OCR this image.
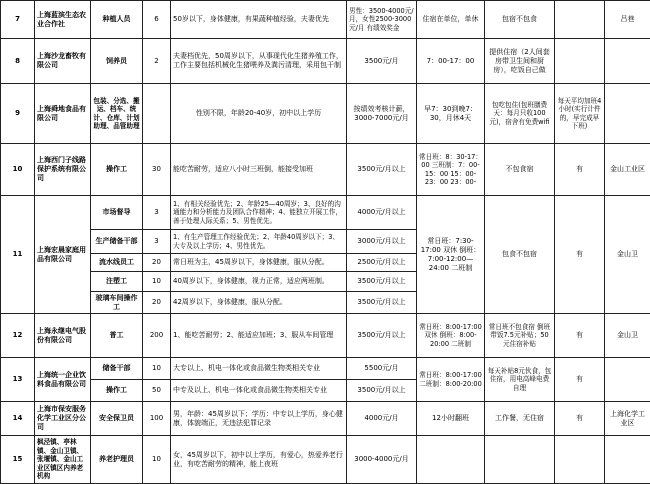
7	上海蓝滨生态农业合作社	种植人员	6	50岁以下，身体健康，有果蔬种植经验，夫妻优先	男性：3500-4000元/月，女性2500-3000元/月 有绩效奖金	住宿在单位，单休	包宿不包食		吕巷
8	上海沙龙畜牧有限公司	饲养员	2	夫妻档优先，50周岁以下，从事现代化生猪养殖工作，工作主要包括机械化生猪喂养及粪污清理，采用包干制	3500元/月	7：00-17：00	提供住宿（2人间套房带卫生间和厨房），吃饭自己做		
9	上海舜地食品有限公司	包装、分选、搬运、档车、统计、仓库、计划助理、品管助理		性别不限，年龄20-40岁，初中以上学历	按绩效考核计薪，3000-7000元/月	早7：30到晚7：30，月休4天	包吃包住(包班膳费天：每月只收100元)，宿舍有免费wifi	每天平均加班4小时(实行计件的，早完成早下班)	
10	上海西门子线路保护系统有限公司	操作工	30	能吃苦耐劳，适应八小时三班倒，能接受加班	3500元/月以上	常日班：8：30-17：00 三班制：7：00-15：00 15：00-23：00 23：00-	不包食宿	有	金山工业区
11	上海宏晨家庭用品有限公司	市场督导	3	1、有相关经验优先；2、年龄25—40周岁；3、良好的沟通能力和分析能力及团队合作精神；4、能独立开展工作，善于处理人际关系；5、男性优先。	4000元/月以上	常日班：7:30-17:00 双休 倒班：7:00-12:00—24:00 二班制	包食不包宿	有	金山卫
		生产储备干部	3	1、有生产管理工作经验优先；2、年龄40周岁以下；3、大专及以上学历；4、男性优先。	3000元/月以上				
		流水线员工	20	常日班为主，45周岁以下，身体健康，服从分配。	2500元/月以上				
		注塑工	10	40周岁以下，身体健康，视力正常，适应两班制。	3500元/月以上				
		玻璃车间操作工	20	42周岁以下，身体健康，服从分配。	3500元/月以上				
12	上海永继电气股份有限公司	普工	200	1、能吃苦耐劳；2、能适应加班；3、服从车间管理	3500元/月以上	常日班：8:00-17:00 双休 倒班：8:00-20:00 二班制	常日班不包食宿 倒班带饭7.5元补贴；50元住宿补贴	有	金山卫
13	上海统一企业饮料食品有限公司	储备干部	10	大专以上、机电一体化或食品微生物类相关专业	5500元/月	常日班：8:00-17:00 二班制：8:00-20:00	每天补贴8元伙食，包住宿，用电高峰电费自理	有	
		操作工	50	中专及以上、机电一体化或食品微生物类相关专业	3500元/月以上				
14	上海市保安服务化学工业区分公司	安全保卫员	100	男，年龄：45周岁以下；学历：中专以上学历，身心健康，体貌端正，无违法犯罪记录	4000元/月	12小时翻班	工作餐，无住宿	有	上海化学工业区
15	枫泾镇、亭林镇、金山卫镇、张堰镇、金山工业区镇区内养老机构	养老护理员	10	女，45周岁以下，初中以上学历，有爱心，热爱养老行业，有吃苦耐劳的精神，能上夜班	3000-4000元/月				
